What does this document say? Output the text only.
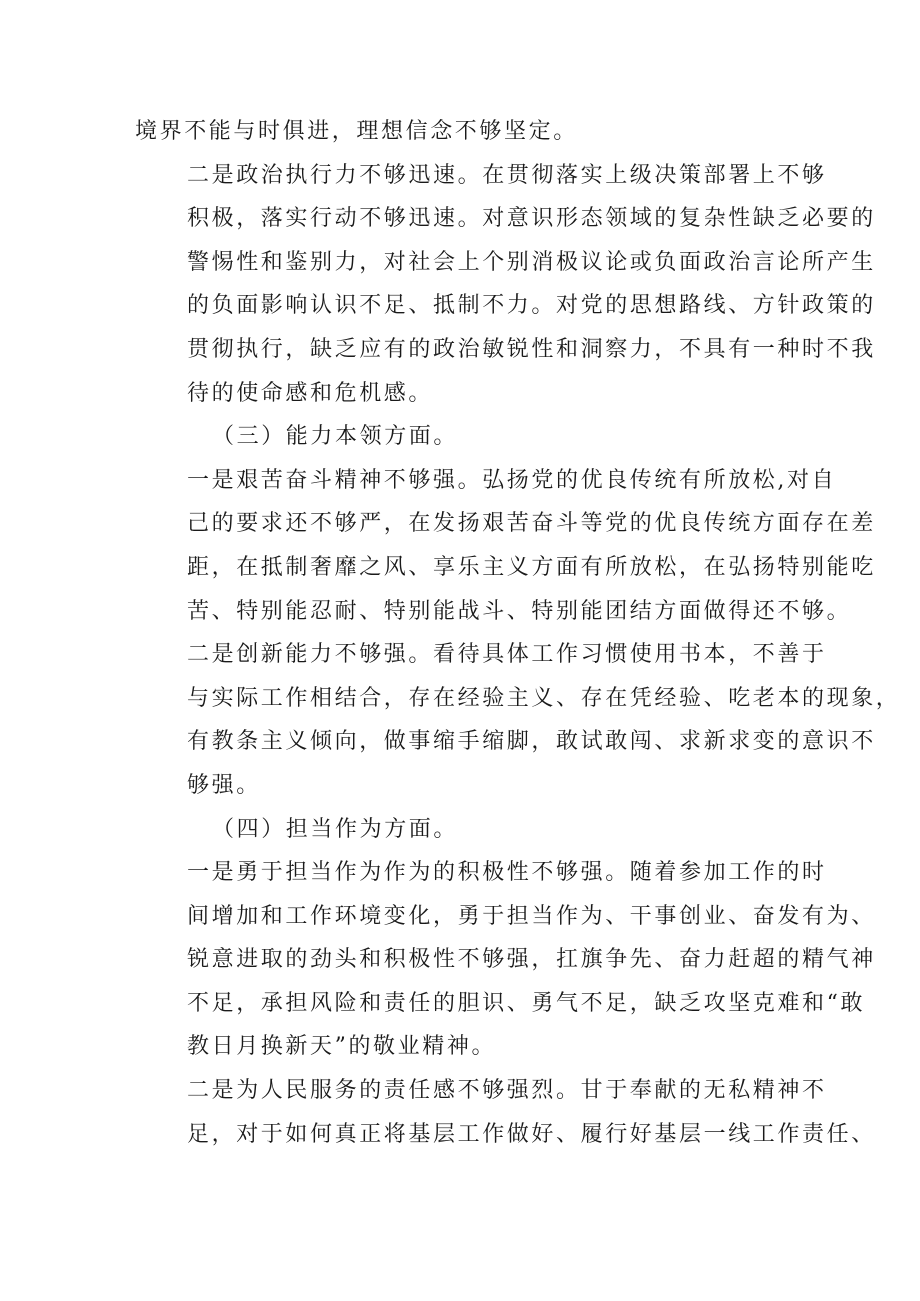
境界不能与时俱进，理想信念不够坚定。

二是政治执行力不够迅速。在贯彻落实上级决策部署上不够
积极，落实行动不够迅速。对意识形态领域的复杂性缺乏必要的
警惕性和鉴别力，对社会上个别消极议论或负面政治言论所产生
的负面影响认识不足、抵制不力。对党的思想路线、方针政策的
贯彻执行，缺乏应有的政治敏锐性和洞察力，不具有一种时不我
待的使命感和危机感。

（三）能力本领方面。

一是艰苦奋斗精神不够强。弘扬党的优良传统有所放松,对自
己的要求还不够严，在发扬艰苦奋斗等党的优良传统方面存在差
距，在抵制奢靡之风、享乐主义方面有所放松，在弘扬特别能吃
苦、特别能忍耐、特别能战斗、特别能团结方面做得还不够。

二是创新能力不够强。看待具体工作习惯使用书本，不善于
与实际工作相结合，存在经验主义、存在凭经验、吃老本的现象，
有教条主义倾向，做事缩手缩脚，敢试敢闯、求新求变的意识不
够强。

（四）担当作为方面。

一是勇于担当作为作为的积极性不够强。随着参加工作的时
间增加和工作环境变化，勇于担当作为、干事创业、奋发有为、
锐意进取的劲头和积极性不够强，扛旗争先、奋力赶超的精气神
不足，承担风险和责任的胆识、勇气不足，缺乏攻坚克难和“敢
教日月换新天”的敬业精神。

二是为人民服务的责任感不够强烈。甘于奉献的无私精神不
足，对于如何真正将基层工作做好、履行好基层一线工作责任、
